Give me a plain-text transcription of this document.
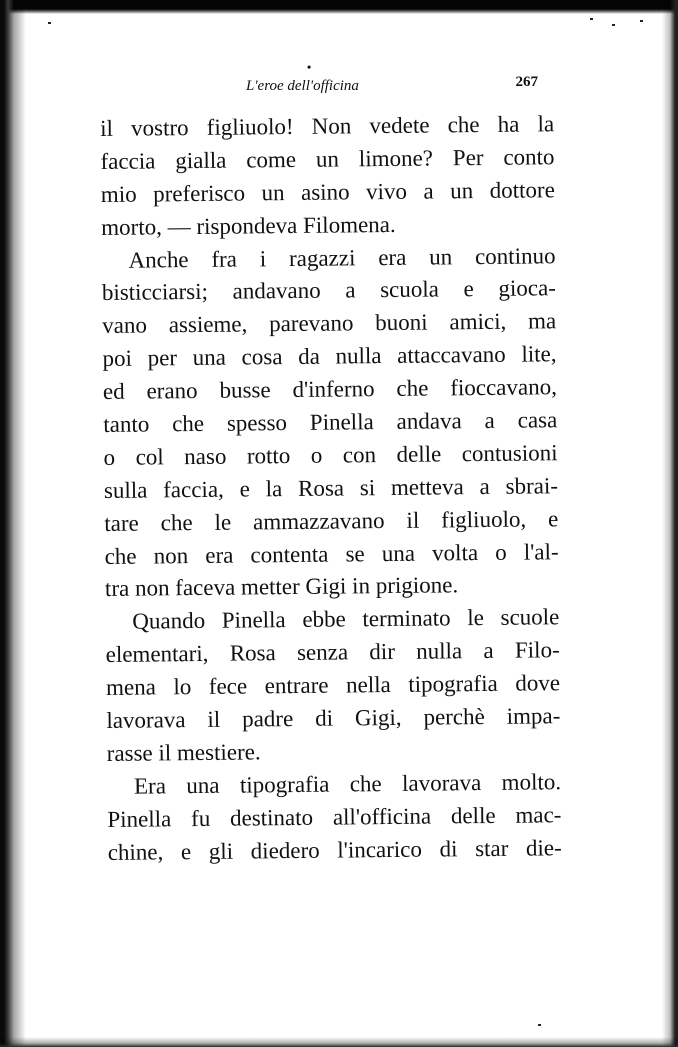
•
L'eroe dell'officina	267
il vostro figliuolo! Non vedete che ha la
faccia gialla come un limone? Per conto
mio preferisco un asino vivo a un dottore
morto, — rispondeva Filomena.
Anche fra i ragazzi era un continuo
bisticciarsi; andavano a scuola e gioca-
vano assieme, parevano buoni amici, ma
poi per una cosa da nulla attaccavano lite,
ed erano busse d'inferno che fioccavano,
tanto che spesso Pinella andava a casa
o col naso rotto o con delle contusioni
sulla faccia, e la Rosa si metteva a sbrai-
tare che le ammazzavano il figliuolo, e
che non era contenta se una volta o l'al-
tra non faceva metter Gigi in prigione.
Quando Pinella ebbe terminato le scuole
elementari, Rosa senza dir nulla a Filo-
mena lo fece entrare nella tipografia dove
lavorava il padre di Gigi, perchè impa-
rasse il mestiere.
Era una tipografia che lavorava molto.
Pinella fu destinato all'officina delle mac-
chine, e gli diedero l'incarico di star die-
